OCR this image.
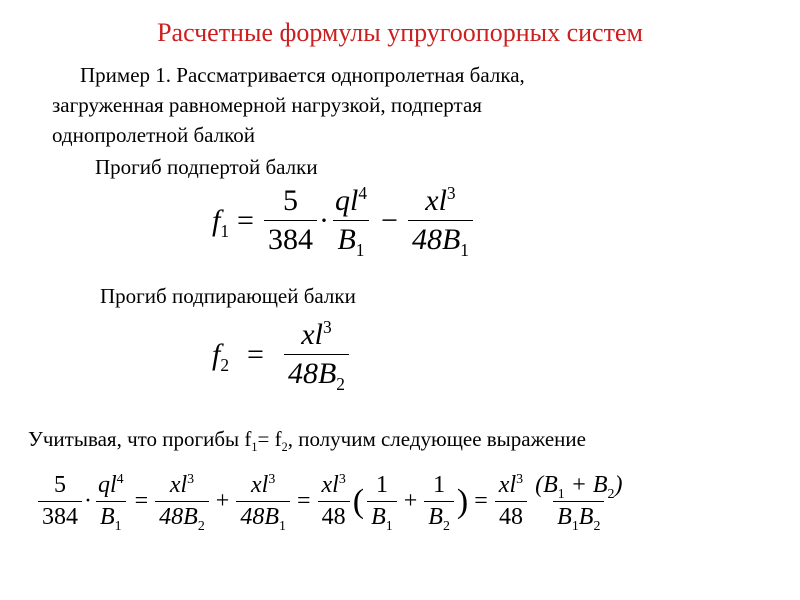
Расчетные формулы упругоопорных систем
Пример 1. Рассматривается однопролетная балка,
загруженная равномерной нагрузкой, подпертая
однопролетной балкой
Прогиб подпертой балки
$f_1 = \frac{5}{384} \cdot \frac{ql^4}{B_1} - \frac{xl^3}{48B_1}$
Прогиб подпирающей балки
$f_2 = \frac{xl^3}{48B_2}$
Учитывая, что прогибы $f_1= f_2$, получим следующее выражение
$\frac{5}{384} \cdot \frac{ql^4}{B_1} = \frac{xl^3}{48B_2} + \frac{xl^3}{48B_1} = \frac{xl^3}{48}$ ( $\frac{1}{B_1} + \frac{1}{B_2}$ ) = $\frac{xl^3}{48} \frac{(B_1 + B_2)}{B_1B_2}$
